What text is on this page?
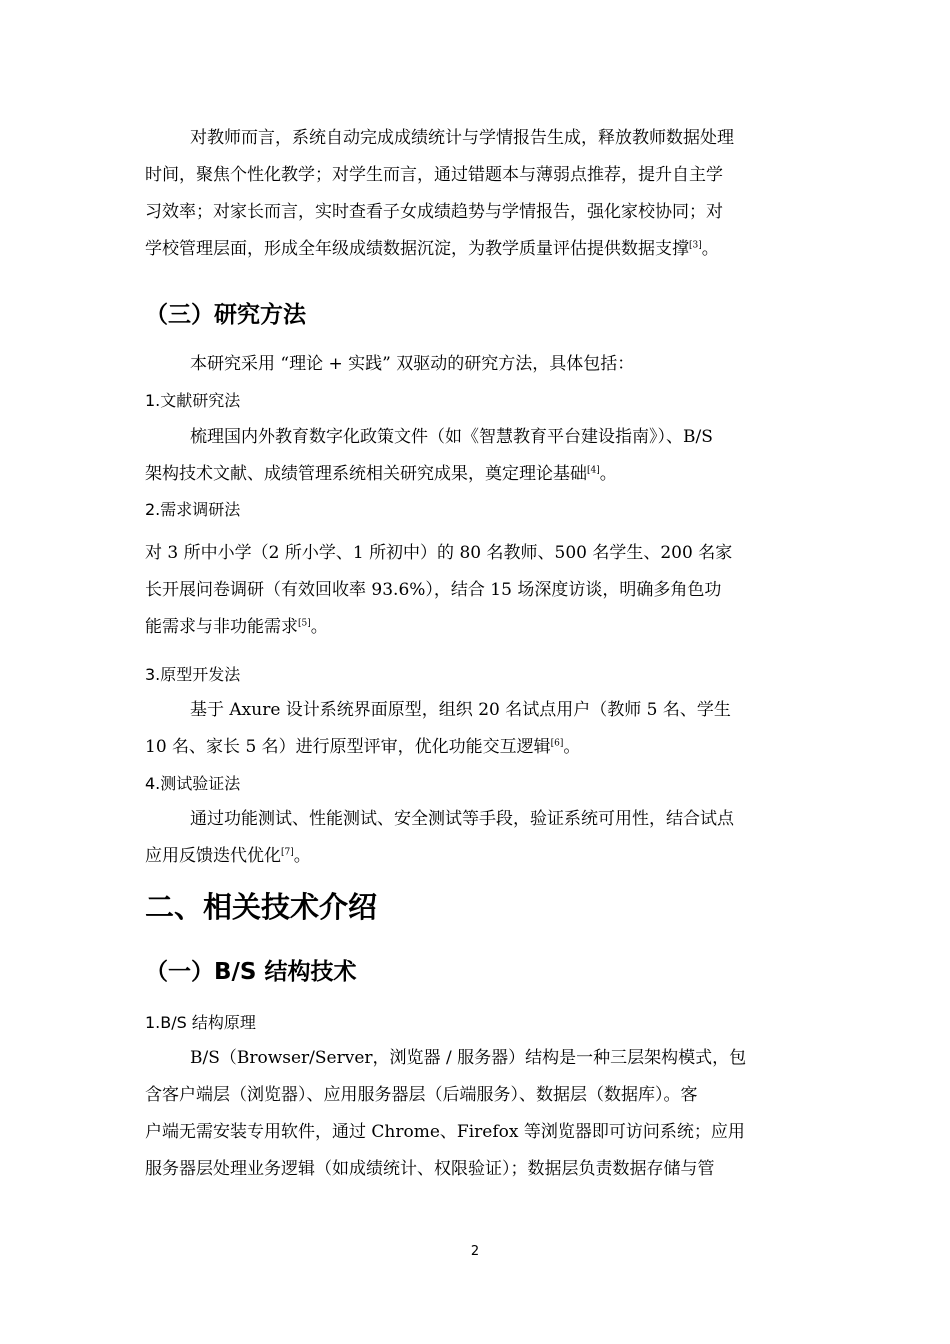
对教师而言，系统自动完成成绩统计与学情报告生成，释放教师数据处理
时间，聚焦个性化教学；对学生而言，通过错题本与薄弱点推荐，提升自主学
习效率；对家长而言，实时查看子女成绩趋势与学情报告，强化家校协同；对
学校管理层面，形成全年级成绩数据沉淀，为教学质量评估提供数据支撑[3]。
（三）研究方法
本研究采用 “理论 + 实践” 双驱动的研究方法，具体包括：
1.文献研究法
梳理国内外教育数字化政策文件（如《智慧教育平台建设指南》）、B/S
架构技术文献、成绩管理系统相关研究成果，奠定理论基础[4]。
2.需求调研法
对 3 所中小学（2 所小学、1 所初中）的 80 名教师、500 名学生、200 名家
长开展问卷调研（有效回收率 93.6%），结合 15 场深度访谈，明确多角色功
能需求与非功能需求[5]。
3.原型开发法
基于 Axure 设计系统界面原型，组织 20 名试点用户（教师 5 名、学生
10 名、家长 5 名）进行原型评审，优化功能交互逻辑[6]。
4.测试验证法
通过功能测试、性能测试、安全测试等手段，验证系统可用性，结合试点
应用反馈迭代优化[7]。
二、相关技术介绍
（一）B/S 结构技术
1.B/S 结构原理
B/S（Browser/Server，浏览器 / 服务器）结构是一种三层架构模式，包
含客户端层（浏览器）、应用服务器层（后端服务）、数据层（数据库）。客
户端无需安装专用软件，通过 Chrome、Firefox 等浏览器即可访问系统；应用
服务器层处理业务逻辑（如成绩统计、权限验证）；数据层负责数据存储与管
2
